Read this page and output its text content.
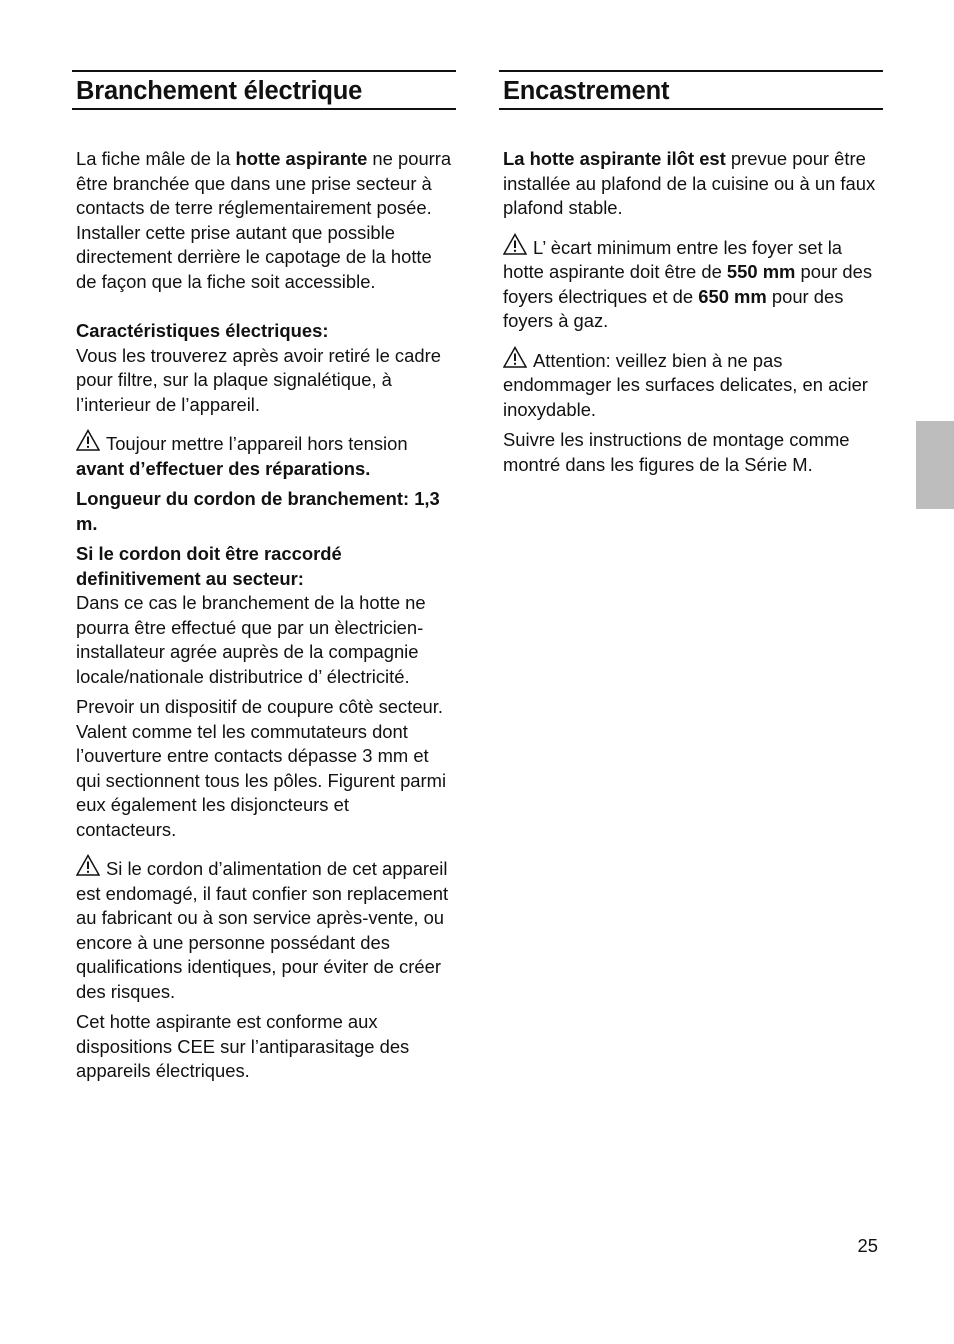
Branchement électrique

La fiche mâle de la hotte aspirante ne pourra être branchée que dans une prise secteur à contacts de terre réglementairement posée. Installer cette prise autant que possible directement derrière le capotage de la hotte de façon que la fiche soit accessible.

Caractéristiques électriques:
Vous les trouverez après avoir retiré le cadre pour filtre, sur la plaque signalétique, à l’interieur de l’appareil.

Toujour mettre l’appareil hors tension avant d’effectuer des réparations.

Longueur du cordon de branchement: 1,3 m.

Si le cordon doit être raccordé definitivement au secteur:
Dans ce cas le branchement de la hotte ne pourra être effectué que par un èlectricien-installateur agrée auprès de la compagnie locale/nationale distributrice d’ électricité.

Prevoir un dispositif de coupure côtè secteur. Valent comme tel les commutateurs dont l’ouverture entre contacts dépasse 3 mm et qui sectionnent tous les pôles. Figurent parmi eux également les disjoncteurs et contacteurs.

Si le cordon d’alimentation de cet appareil est endomagé, il faut confier son replacement au fabricant ou à son service après-vente, ou encore à une personne possédant des qualifications identiques, pour éviter de créer des risques.

Cet hotte aspirante est conforme aux dispositions CEE sur l’antiparasitage des appareils électriques.

Encastrement

La hotte aspirante ilôt est prevue pour être installée au plafond de la cuisine ou à un faux plafond stable.

L’ ècart minimum entre les foyer set la hotte aspirante doit être de 550 mm pour des foyers électriques et de 650 mm pour des foyers à gaz.

Attention: veillez bien à ne pas endommager les surfaces delicates, en acier inoxydable.

Suivre les instructions de montage comme montré dans les figures de la Série M.

25
